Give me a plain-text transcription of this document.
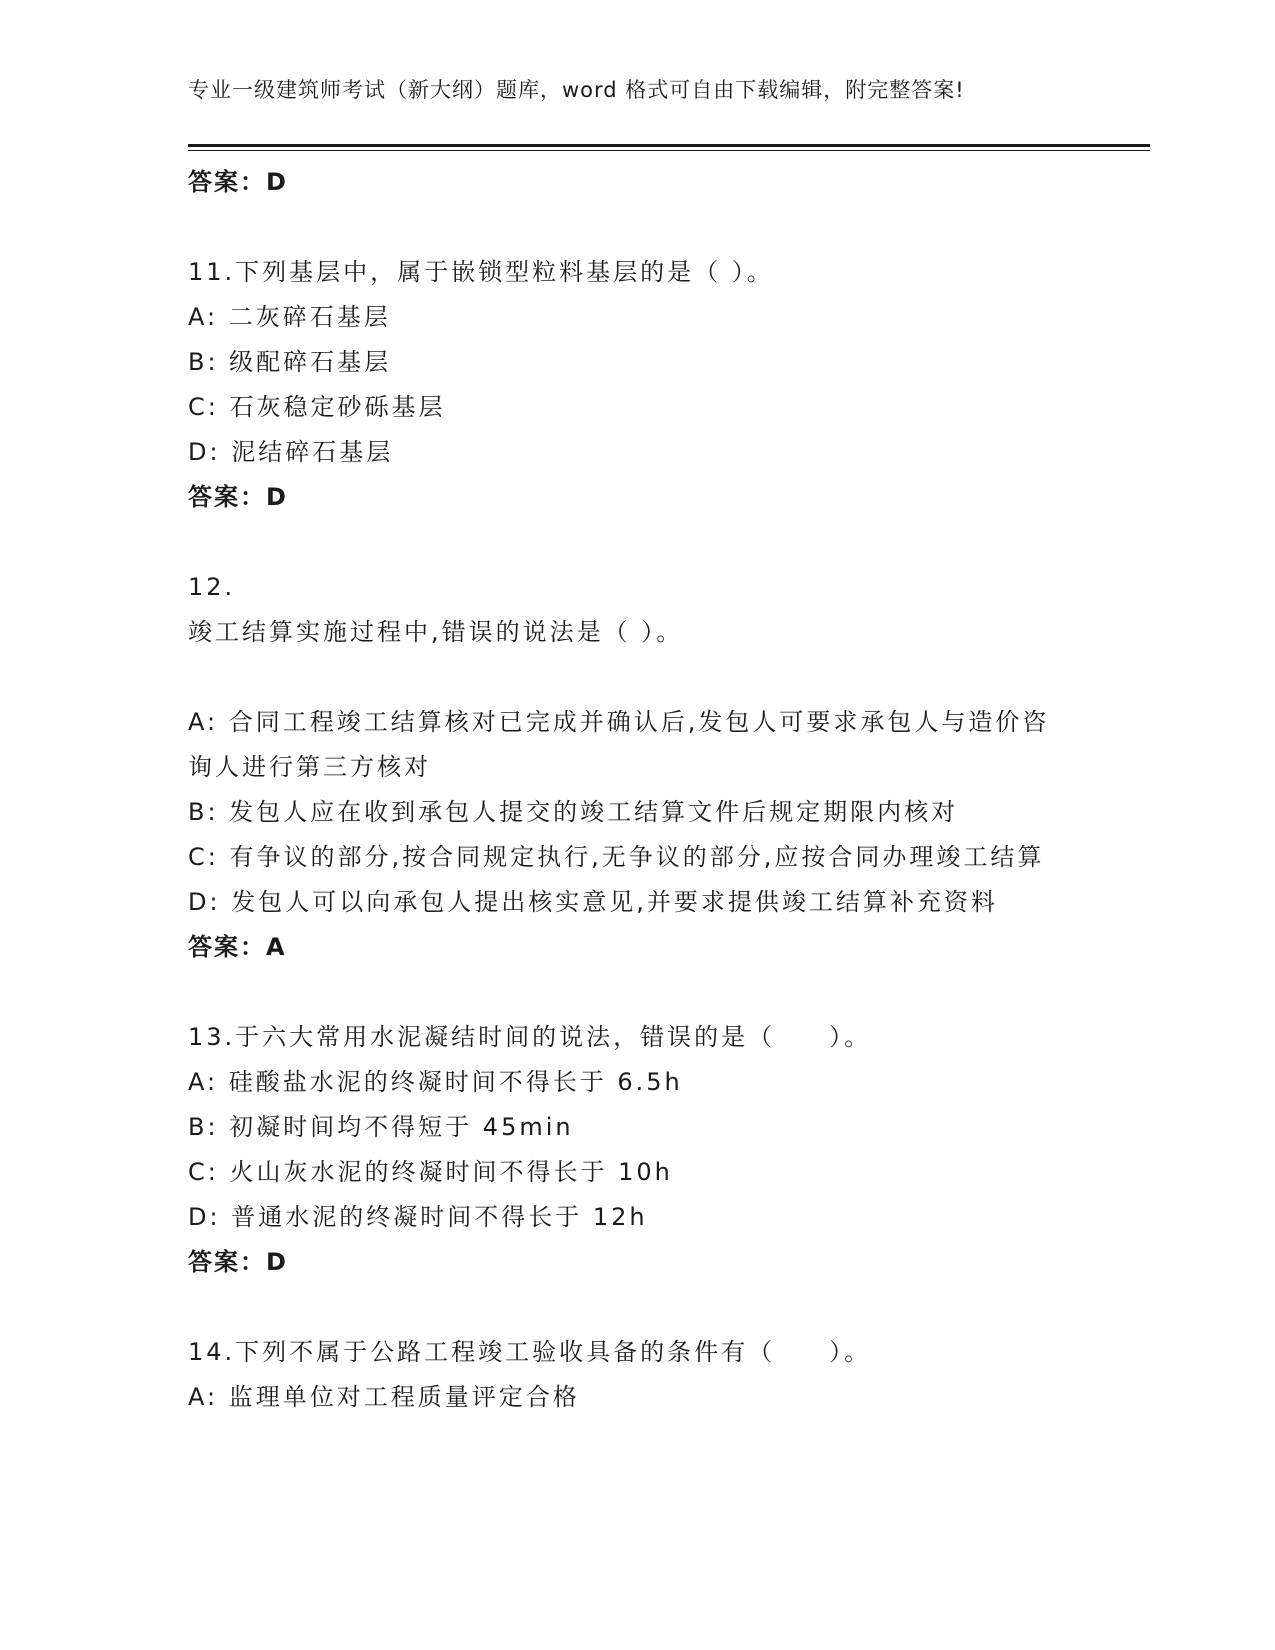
专业一级建筑师考试（新大纲）题库，word 格式可自由下载编辑，附完整答案!

答案：D

11.下列基层中，属于嵌锁型粒料基层的是（ ）。

A: 二灰碎石基层

B: 级配碎石基层

C: 石灰稳定砂砾基层

D: 泥结碎石基层

答案：D

12.

竣工结算实施过程中,错误的说法是（ ）。

A: 合同工程竣工结算核对已完成并确认后,发包人可要求承包人与造价咨询人进行第三方核对

B: 发包人应在收到承包人提交的竣工结算文件后规定期限内核对

C: 有争议的部分,按合同规定执行,无争议的部分,应按合同办理竣工结算

D: 发包人可以向承包人提出核实意见,并要求提供竣工结算补充资料

答案：A

13.于六大常用水泥凝结时间的说法，错误的是（　　）。

A: 硅酸盐水泥的终凝时间不得长于 6.5h

B: 初凝时间均不得短于 45min

C: 火山灰水泥的终凝时间不得长于 10h

D: 普通水泥的终凝时间不得长于 12h

答案：D

14.下列不属于公路工程竣工验收具备的条件有（　　）。

A: 监理单位对工程质量评定合格
